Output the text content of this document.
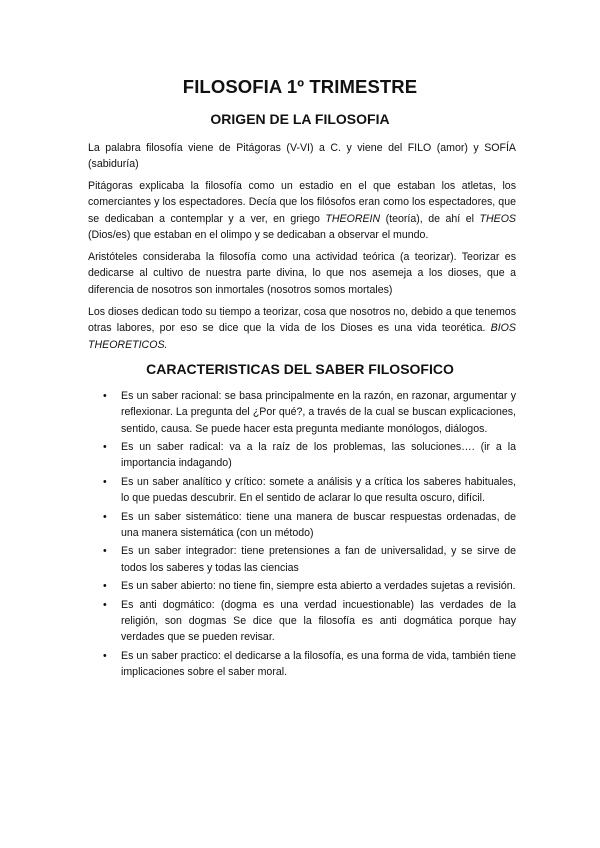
FILOSOFIA 1º TRIMESTRE
ORIGEN DE LA FILOSOFIA

La palabra filosofía viene de Pitágoras (V-VI) a C. y viene del FILO (amor) y SOFÍA (sabiduría)

Pitágoras explicaba la filosofía como un estadio en el que estaban los atletas, los comerciantes y los espectadores. Decía que los filósofos eran como los espectadores, que se dedicaban a contemplar y a ver, en griego THEOREIN (teoría), de ahí el THEOS (Dios/es) que estaban en el olimpo y se dedicaban a observar el mundo.

Aristóteles consideraba la filosofía como una actividad teórica (a teorizar). Teorizar es dedicarse al cultivo de nuestra parte divina, lo que nos asemeja a los dioses, que a diferencia de nosotros son inmortales (nosotros somos mortales)

Los dioses dedican todo su tiempo a teorizar, cosa que nosotros no, debido a que tenemos otras labores, por eso se dice que la vida de los Dioses es una vida teorética. BIOS THEORETICOS.

CARACTERISTICAS DEL SABER FILOSOFICO
• Es un saber racional: se basa principalmente en la razón, en razonar, argumentar y reflexionar. La pregunta del ¿Por qué?, a través de la cual se buscan explicaciones, sentido, causa. Se puede hacer esta pregunta mediante monólogos, diálogos.
• Es un saber radical: va a la raíz de los problemas, las soluciones…. (ir a la importancia indagando)
• Es un saber analítico y crítico: somete a análisis y a crítica los saberes habituales, lo que puedas descubrir. En el sentido de aclarar lo que resulta oscuro, difícil.
• Es un saber sistemático: tiene una manera de buscar respuestas ordenadas, de una manera sistemática (con un método)
• Es un saber integrador: tiene pretensiones a fan de universalidad, y se sirve de todos los saberes y todas las ciencias
• Es un saber abierto: no tiene fin, siempre esta abierto a verdades sujetas a revisión.
• Es anti dogmático: (dogma es una verdad incuestionable) las verdades de la religión, son dogmas Se dice que la filosofía es anti dogmática porque hay verdades que se pueden revisar.
• Es un saber practico: el dedicarse a la filosofía, es una forma de vida, también tiene implicaciones sobre el saber moral.
